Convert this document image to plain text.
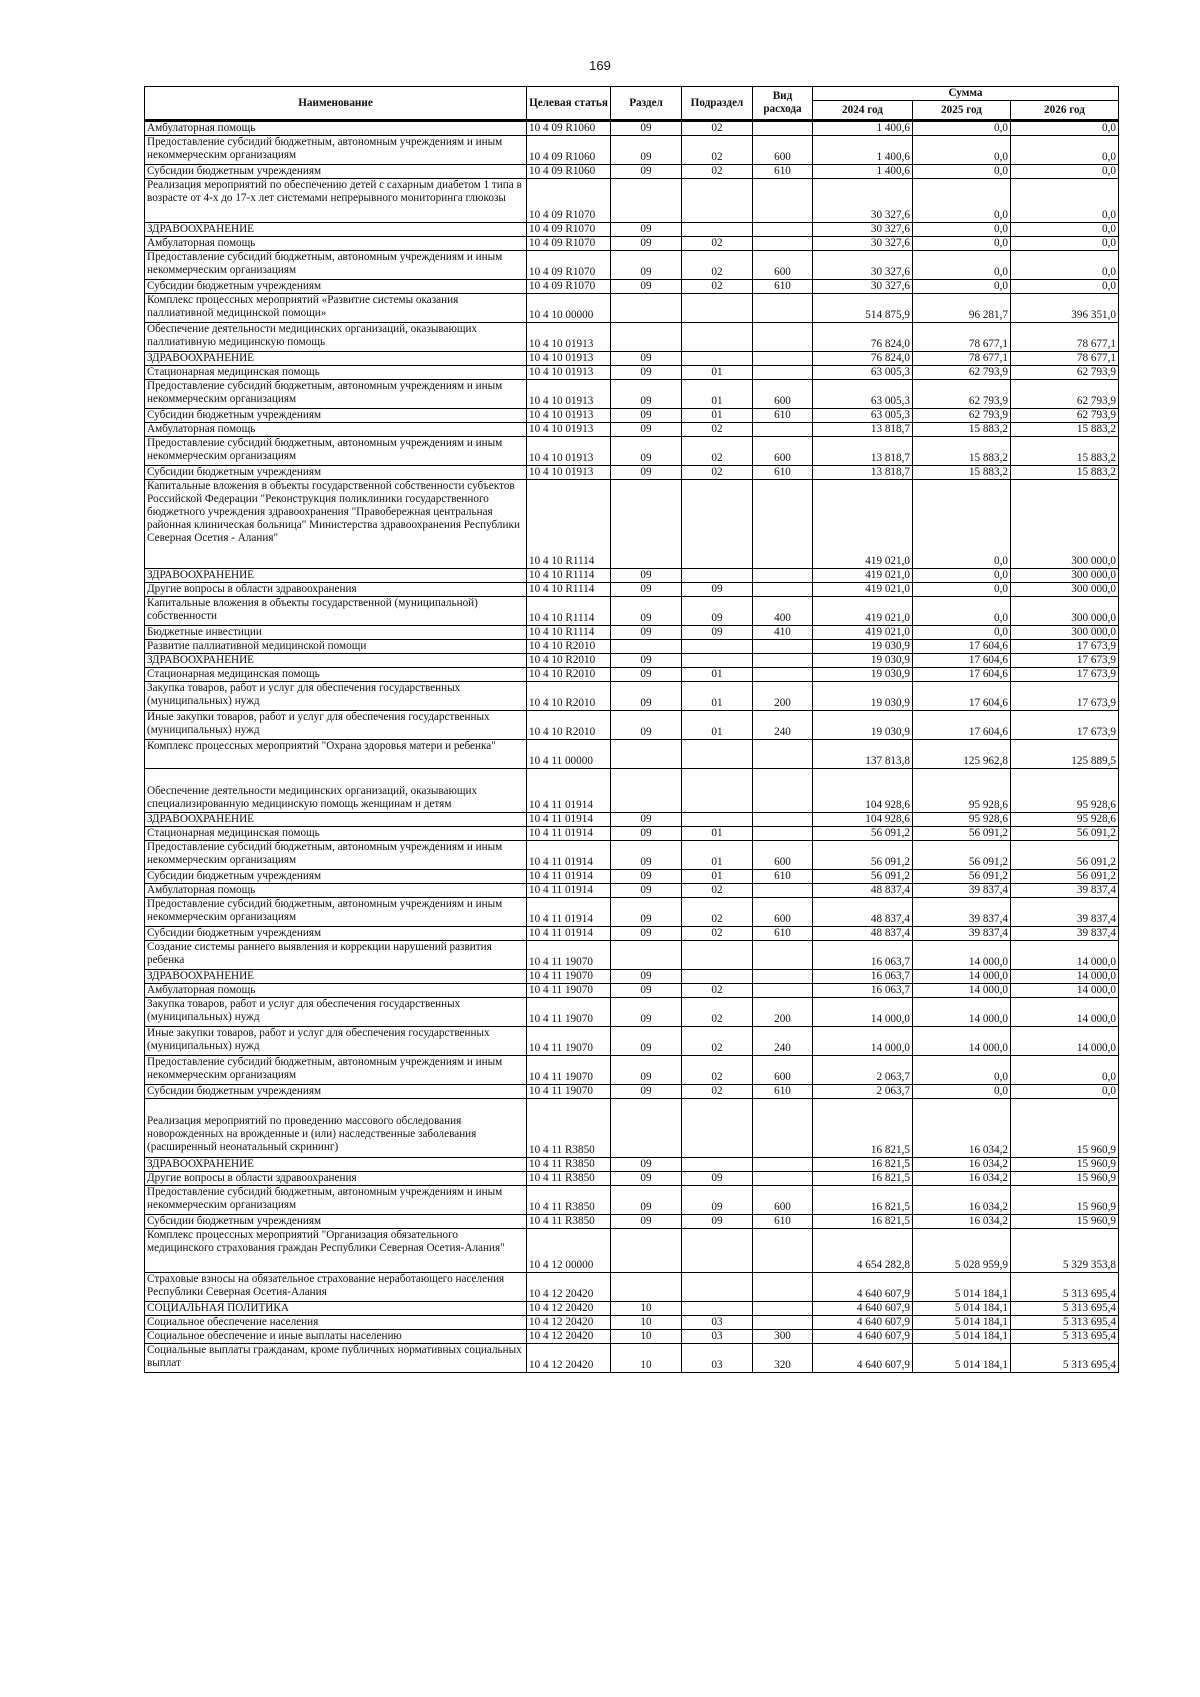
169
Наименование	Целевая статья	Раздел	Подраздел	Вид расхода	Сумма		
					2024 год	2025 год	2026 год
Амбулаторная помощь	10 4 09 R1060	09	02		1 400,6	0,0	0,0
Предоставление субсидий бюджетным, автономным учреждениям и иным некоммерческим организациям	10 4 09 R1060	09	02	600	1 400,6	0,0	0,0
Субсидии бюджетным учреждениям	10 4 09 R1060	09	02	610	1 400,6	0,0	0,0
Реализация мероприятий по обеспечению детей с сахарным диабетом 1 типа в возрасте от 4-х до 17-х лет системами непрерывного мониторинга глюкозы	10 4 09 R1070				30 327,6	0,0	0,0
ЗДРАВООХРАНЕНИЕ	10 4 09 R1070	09			30 327,6	0,0	0,0
Амбулаторная помощь	10 4 09 R1070	09	02		30 327,6	0,0	0,0
Предоставление субсидий бюджетным, автономным учреждениям и иным некоммерческим организациям	10 4 09 R1070	09	02	600	30 327,6	0,0	0,0
Субсидии бюджетным учреждениям	10 4 09 R1070	09	02	610	30 327,6	0,0	0,0
Комплекс процессных мероприятий «Развитие системы оказания паллиативной медицинской помощи»	10 4 10 00000				514 875,9	96 281,7	396 351,0
Обеспечение деятельности медицинских организаций, оказывающих паллиативную медицинскую помощь	10 4 10 01913				76 824,0	78 677,1	78 677,1
ЗДРАВООХРАНЕНИЕ	10 4 10 01913	09			76 824,0	78 677,1	78 677,1
Стационарная медицинская помощь	10 4 10 01913	09	01		63 005,3	62 793,9	62 793,9
Предоставление субсидий бюджетным, автономным учреждениям и иным некоммерческим организациям	10 4 10 01913	09	01	600	63 005,3	62 793,9	62 793,9
Субсидии бюджетным учреждениям	10 4 10 01913	09	01	610	63 005,3	62 793,9	62 793,9
Амбулаторная помощь	10 4 10 01913	09	02		13 818,7	15 883,2	15 883,2
Предоставление субсидий бюджетным, автономным учреждениям и иным некоммерческим организациям	10 4 10 01913	09	02	600	13 818,7	15 883,2	15 883,2
Субсидии бюджетным учреждениям	10 4 10 01913	09	02	610	13 818,7	15 883,2	15 883,2
Капитальные вложения в объекты государственной собственности субъектов Российской Федерации "Реконструкция поликлиники государственного бюджетного учреждения здравоохранения "Правобережная центральная районная клиническая больница" Министерства здравоохранения Республики Северная Осетия - Алания"	10 4 10 R1114				419 021,0	0,0	300 000,0
ЗДРАВООХРАНЕНИЕ	10 4 10 R1114	09			419 021,0	0,0	300 000,0
Другие вопросы в области здравоохранения	10 4 10 R1114	09	09		419 021,0	0,0	300 000,0
Капитальные вложения в объекты государственной (муниципальной) собственности	10 4 10 R1114	09	09	400	419 021,0	0,0	300 000,0
Бюджетные инвестиции	10 4 10 R1114	09	09	410	419 021,0	0,0	300 000,0
Развитие паллиативной медицинской помощи	10 4 10 R2010				19 030,9	17 604,6	17 673,9
ЗДРАВООХРАНЕНИЕ	10 4 10 R2010	09			19 030,9	17 604,6	17 673,9
Стационарная медицинская помощь	10 4 10 R2010	09	01		19 030,9	17 604,6	17 673,9
Закупка товаров, работ и услуг для обеспечения государственных (муниципальных) нужд	10 4 10 R2010	09	01	200	19 030,9	17 604,6	17 673,9
Иные закупки товаров, работ и услуг для обеспечения государственных (муниципальных) нужд	10 4 10 R2010	09	01	240	19 030,9	17 604,6	17 673,9
Комплекс процессных мероприятий "Охрана здоровья матери и ребенка"	10 4 11 00000				137 813,8	125 962,8	125 889,5
Обеспечение деятельности медицинских организаций, оказывающих специализированную медицинскую помощь женщинам и детям	10 4 11 01914				104 928,6	95 928,6	95 928,6
ЗДРАВООХРАНЕНИЕ	10 4 11 01914	09			104 928,6	95 928,6	95 928,6
Стационарная медицинская помощь	10 4 11 01914	09	01		56 091,2	56 091,2	56 091,2
Предоставление субсидий бюджетным, автономным учреждениям и иным некоммерческим организациям	10 4 11 01914	09	01	600	56 091,2	56 091,2	56 091,2
Субсидии бюджетным учреждениям	10 4 11 01914	09	01	610	56 091,2	56 091,2	56 091,2
Амбулаторная помощь	10 4 11 01914	09	02		48 837,4	39 837,4	39 837,4
Предоставление субсидий бюджетным, автономным учреждениям и иным некоммерческим организациям	10 4 11 01914	09	02	600	48 837,4	39 837,4	39 837,4
Субсидии бюджетным учреждениям	10 4 11 01914	09	02	610	48 837,4	39 837,4	39 837,4
Создание системы раннего выявления и коррекции нарушений развития ребенка	10 4 11 19070				16 063,7	14 000,0	14 000,0
ЗДРАВООХРАНЕНИЕ	10 4 11 19070	09			16 063,7	14 000,0	14 000,0
Амбулаторная помощь	10 4 11 19070	09	02		16 063,7	14 000,0	14 000,0
Закупка товаров, работ и услуг для обеспечения государственных (муниципальных) нужд	10 4 11 19070	09	02	200	14 000,0	14 000,0	14 000,0
Иные закупки товаров, работ и услуг для обеспечения государственных (муниципальных) нужд	10 4 11 19070	09	02	240	14 000,0	14 000,0	14 000,0
Предоставление субсидий бюджетным, автономным учреждениям и иным некоммерческим организациям	10 4 11 19070	09	02	600	2 063,7	0,0	0,0
Субсидии бюджетным учреждениям	10 4 11 19070	09	02	610	2 063,7	0,0	0,0
Реализация мероприятий по проведению массового обследования новорожденных на врожденные и (или) наследственные заболевания (расширенный неонатальный скрининг)	10 4 11 R3850				16 821,5	16 034,2	15 960,9
ЗДРАВООХРАНЕНИЕ	10 4 11 R3850	09			16 821,5	16 034,2	15 960,9
Другие вопросы в области здравоохранения	10 4 11 R3850	09	09		16 821,5	16 034,2	15 960,9
Предоставление субсидий бюджетным, автономным учреждениям и иным некоммерческим организациям	10 4 11 R3850	09	09	600	16 821,5	16 034,2	15 960,9
Субсидии бюджетным учреждениям	10 4 11 R3850	09	09	610	16 821,5	16 034,2	15 960,9
Комплекс процессных мероприятий "Организация обязательного медицинского страхования граждан Республики Северная Осетия-Алания"	10 4 12 00000				4 654 282,8	5 028 959,9	5 329 353,8
Страховые взносы на обязательное страхование неработающего населения Республики Северная Осетия-Алания	10 4 12 20420				4 640 607,9	5 014 184,1	5 313 695,4
СОЦИАЛЬНАЯ ПОЛИТИКА	10 4 12 20420	10			4 640 607,9	5 014 184,1	5 313 695,4
Социальное обеспечение населения	10 4 12 20420	10	03		4 640 607,9	5 014 184,1	5 313 695,4
Социальное обеспечение и иные выплаты населению	10 4 12 20420	10	03	300	4 640 607,9	5 014 184,1	5 313 695,4
Социальные выплаты гражданам, кроме публичных нормативных социальных выплат	10 4 12 20420	10	03	320	4 640 607,9	5 014 184,1	5 313 695,4
